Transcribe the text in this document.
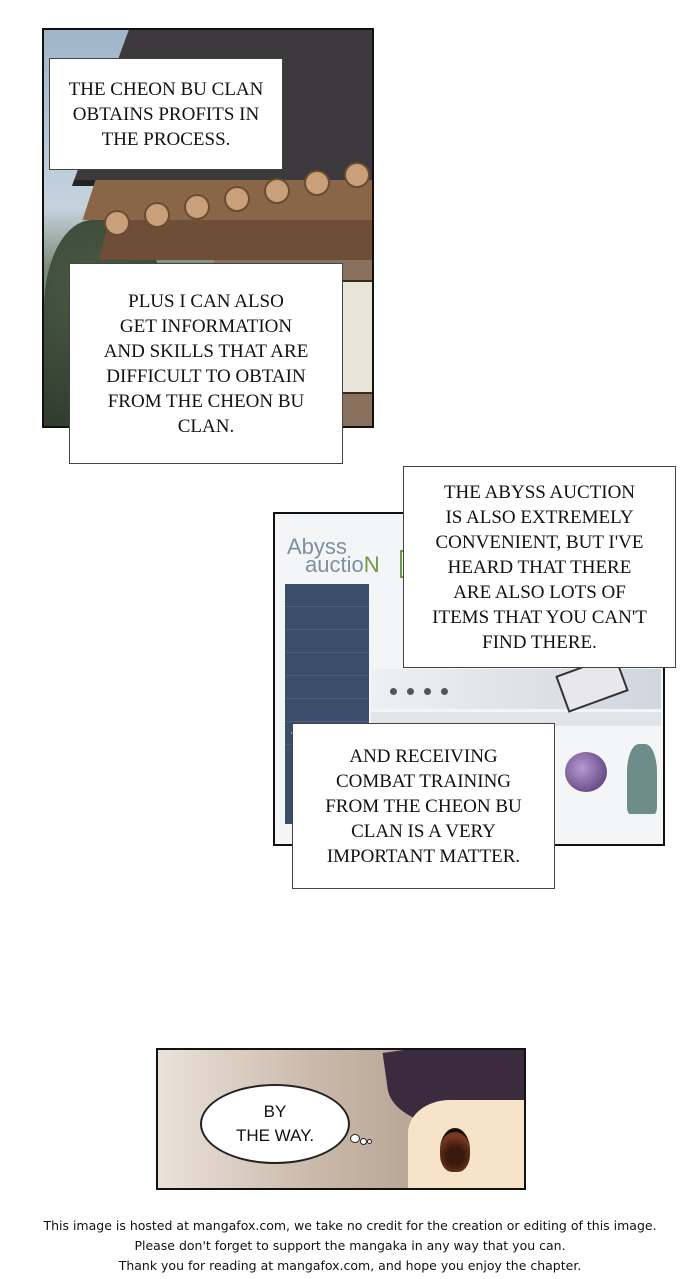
THE CHEON BU CLAN
OBTAINS PROFITS IN
THE PROCESS.
PLUS I CAN ALSO
GET INFORMATION
AND SKILLS THAT ARE
DIFFICULT TO OBTAIN
FROM THE CHEON BU
CLAN.
Abyss
auctioN
THE ABYSS AUCTION
IS ALSO EXTREMELY
CONVENIENT, BUT I'VE
HEARD THAT THERE
ARE ALSO LOTS OF
ITEMS THAT YOU CAN'T
FIND THERE.
AND RECEIVING
COMBAT TRAINING
FROM THE CHEON BU
CLAN IS A VERY
IMPORTANT MATTER.
BY
THE WAY.
This image is hosted at mangafox.com, we take no credit for the creation or editing of this image.
Please don't forget to support the mangaka in any way that you can.
Thank you for reading at mangafox.com, and hope you enjoy the chapter.
